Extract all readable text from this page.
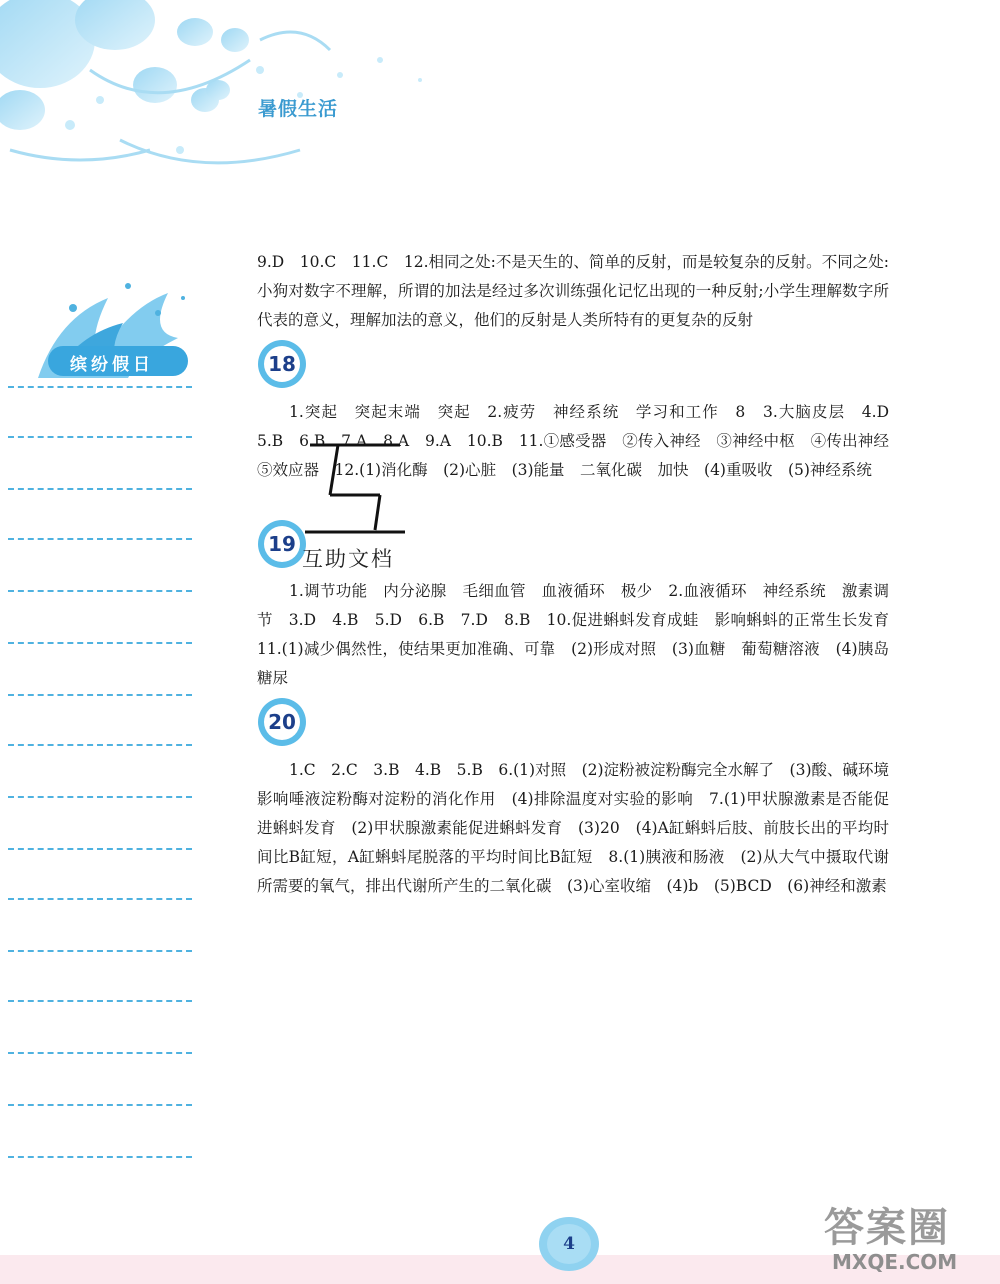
暑假生活
缤纷假日

9.D　10.C　11.C　12.相同之处:不是天生的、简单的反射，而是较复杂的反射。不同之处:小狗对数字不理解，所谓的加法是经过多次训练强化记忆出现的一种反射;小学生理解数字所代表的意义，理解加法的意义，他们的反射是人类所特有的更复杂的反射

18

1.突起　突起末端　突起　2.疲劳　神经系统　学习和工作　8　3.大脑皮层　4.D　5.B　6.B　7.A　8.A　9.A　10.B　11.①感受器　②传入神经　③神经中枢　④传出神经　⑤效应器　12.(1)消化酶　(2)心脏　(3)能量　二氧化碳　加快　(4)重吸收　(5)神经系统

19
互助文档

1.调节功能　内分泌腺　毛细血管　血液循环　极少　2.血液循环　神经系统　激素调节　3.D　4.B　5.D　6.B　7.D　8.B　10.促进蝌蚪发育成蛙　影响蝌蚪的正常生长发育　11.(1)减少偶然性，使结果更加准确、可靠　(2)形成对照　(3)血糖　葡萄糖溶液　(4)胰岛　糖尿

20

1.C　2.C　3.B　4.B　5.B　6.(1)对照　(2)淀粉被淀粉酶完全水解了　(3)酸、碱环境影响唾液淀粉酶对淀粉的消化作用　(4)排除温度对实验的影响　7.(1)甲状腺激素是否能促进蝌蚪发育　(2)甲状腺激素能促进蝌蚪发育　(3)20　(4)A缸蝌蚪后肢、前肢长出的平均时间比B缸短，A缸蝌蚪尾脱落的平均时间比B缸短　8.(1)胰液和肠液　(2)从大气中摄取代谢所需要的氧气，排出代谢所产生的二氧化碳　(3)心室收缩　(4)b　(5)BCD　(6)神经和激素

4	答案圈
MXQE.COM
